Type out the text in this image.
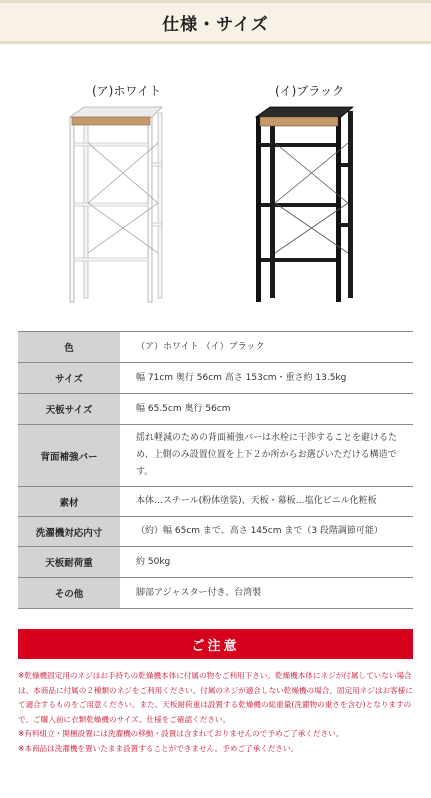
仕様・サイズ
(ア)ホワイト	(イ)ブラック
色	（ア）ホワイト （イ）ブラック
サイズ	幅 71cm 奥行 56cm 高さ 153cm・重さ約 13.5kg
天板サイズ	幅 65.5cm 奥行 56cm
背面補強バー	揺れ軽減のための背面補強バーは水栓に干渉することを避けるため、上側のみ設置位置を上下２か所からお選びいただける構造です。
素材	本体…スチール(粉体塗装)、天板・幕板…塩化ビニル化粧板
洗濯機対応内寸	（約）幅 65cm まで、高さ 145cm まで（3 段階調節可能）
天板耐荷重	約 50kg
その他	脚部アジャスター付き、台湾製
ご注意

※乾燥機固定用のネジはお手持ちの乾燥機本体に付属の物をご利用下さい。乾燥機本体にネジが付属していない場合は、本商品に付属の２種類のネジをご利用ください。付属のネジが適合しない乾燥機の場合、固定用ネジはお客様にて適合するものをご用意ください。また、天板耐荷重は設置する乾燥機の総重量(洗濯物の重さを含む)となりますので、ご購入前に衣類乾燥機のサイズ、仕様をご確認ください。

※有料組立・開梱設置には洗濯機の移動・設置は含まれておりませんので予めご了承ください。

※本商品は洗濯機を置いたまま設置することができません。予めご了承ください。
